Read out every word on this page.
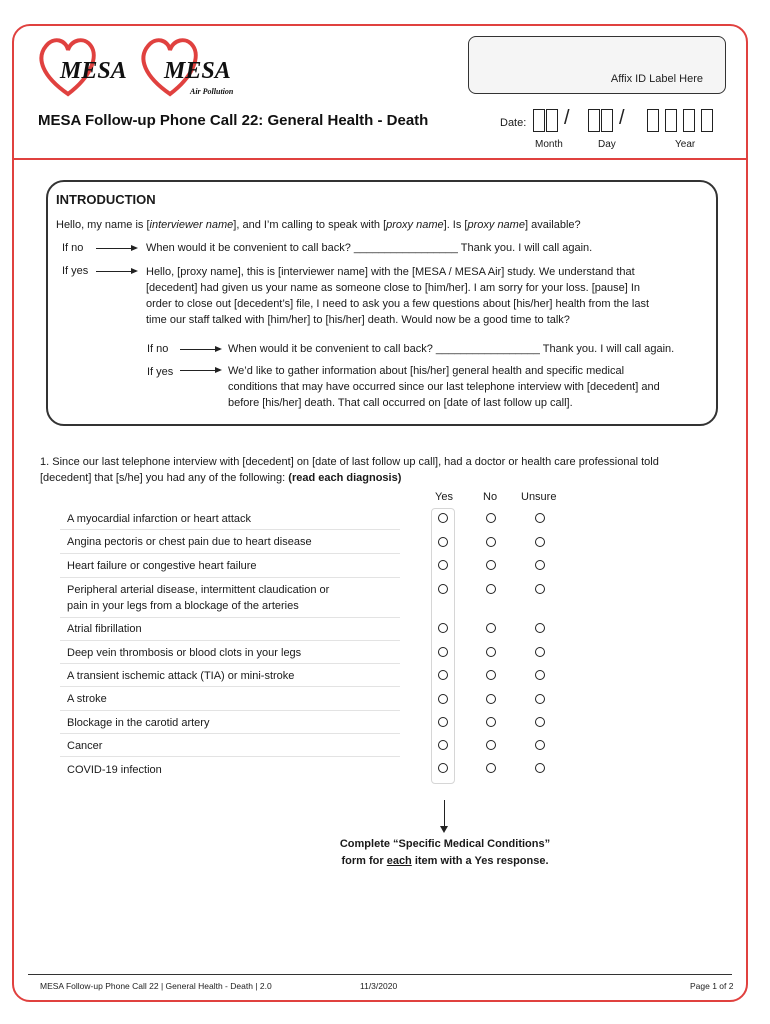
MESA MESA
Air Pollution
Affix ID Label Here
MESA Follow-up Phone Call 22: General Health - Death	Date: / /
Month	Day	Year
INTRODUCTION
Hello, my name is [interviewer name], and I’m calling to speak with [proxy name]. Is [proxy name] available?
If no	When would it be convenient to call back? _________________ Thank you. I will call again.
If yes	Hello, [proxy name], this is [interviewer name] with the [MESA / MESA Air] study. We understand that
[decedent] had given us your name as someone close to [him/her]. I am sorry for your loss. [pause] In
order to close out [decedent’s] file, I need to ask you a few questions about [his/her] health from the last
time our staff talked with [him/her] to [his/her] death. Would now be a good time to talk?
If no	When would it be convenient to call back? _________________ Thank you. I will call again.
If yes	We’d like to gather information about [his/her] general health and specific medical
conditions that may have occurred since our last telephone interview with [decedent] and
before [his/her] death. That call occurred on [date of last follow up call].
1. Since our last telephone interview with [decedent] on [date of last follow up call], had a doctor or health care professional told
[decedent] that [s/he] you had any of the following: (read each diagnosis)
Yes	No Unsure
A myocardial infarction or heart attack
Angina pectoris or chest pain due to heart disease
Heart failure or congestive heart failure
Peripheral arterial disease, intermittent claudication or
pain in your legs from a blockage of the arteries
Atrial fibrillation
Deep vein thrombosis or blood clots in your legs
A transient ischemic attack (TIA) or mini-stroke
A stroke
Blockage in the carotid artery
Cancer
COVID-19 infection
Complete “Specific Medical Conditions”
form for each item with a Yes response.
MESA Follow-up Phone Call 22 | General Health - Death | 2.0	11/3/2020	Page 1 of 2
